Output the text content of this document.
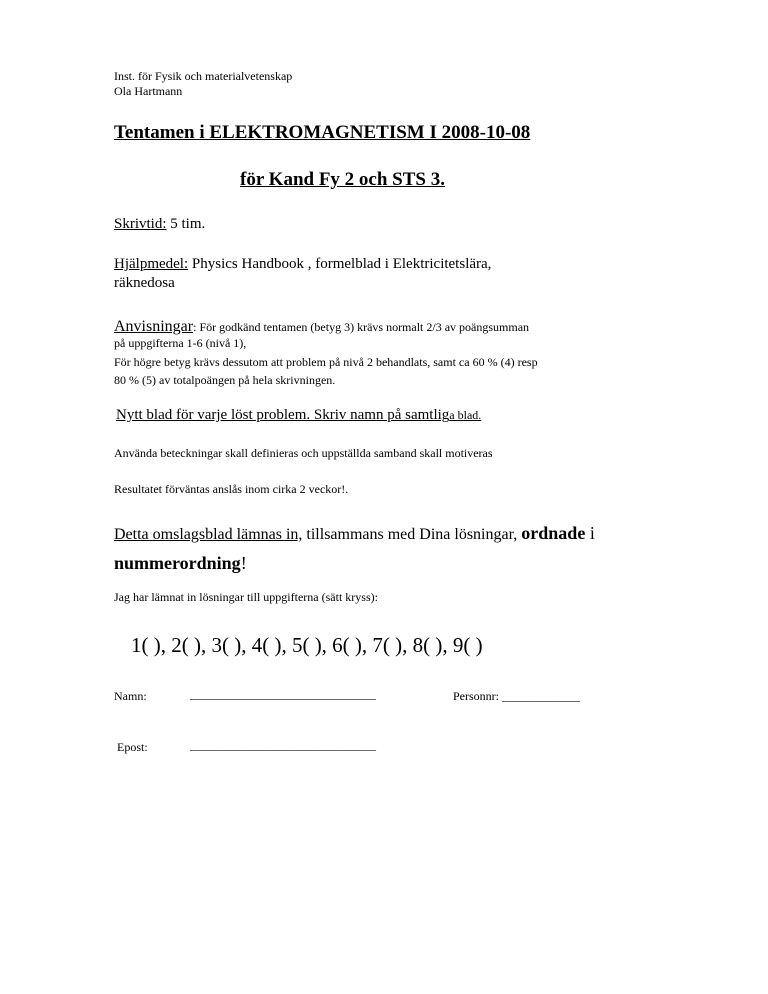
Inst. för Fysik och materialvetenskap
Ola Hartmann
Tentamen i ELEKTROMAGNETISM I 2008-10-08
för Kand Fy 2 och STS 3.
Skrivtid: 5 tim.
Hjälpmedel: Physics Handbook , formelblad i Elektricitetslära,
räknedosa
Anvisningar: För godkänd tentamen (betyg 3) krävs normalt 2/3 av poängsumman
på uppgifterna 1-6 (nivå 1),
För högre betyg krävs dessutom att problem på nivå 2 behandlats, samt ca 60 % (4) resp
80 % (5) av totalpoängen på hela skrivningen.
Nytt blad för varje löst problem. Skriv namn på samtliga blad.
Använda beteckningar skall definieras och uppställda samband skall motiveras
Resultatet förväntas anslås inom cirka 2 veckor!.
Detta omslagsblad lämnas in, tillsammans med Dina lösningar, ordnade i
nummerordning!
Jag har lämnat in lösningar till uppgifterna (sätt kryss):
1( ), 2( ), 3( ), 4( ), 5( ), 6( ), 7( ), 8( ), 9( )
Namn:	_______________________________	Personnr: _____________
Epost:	_______________________________
